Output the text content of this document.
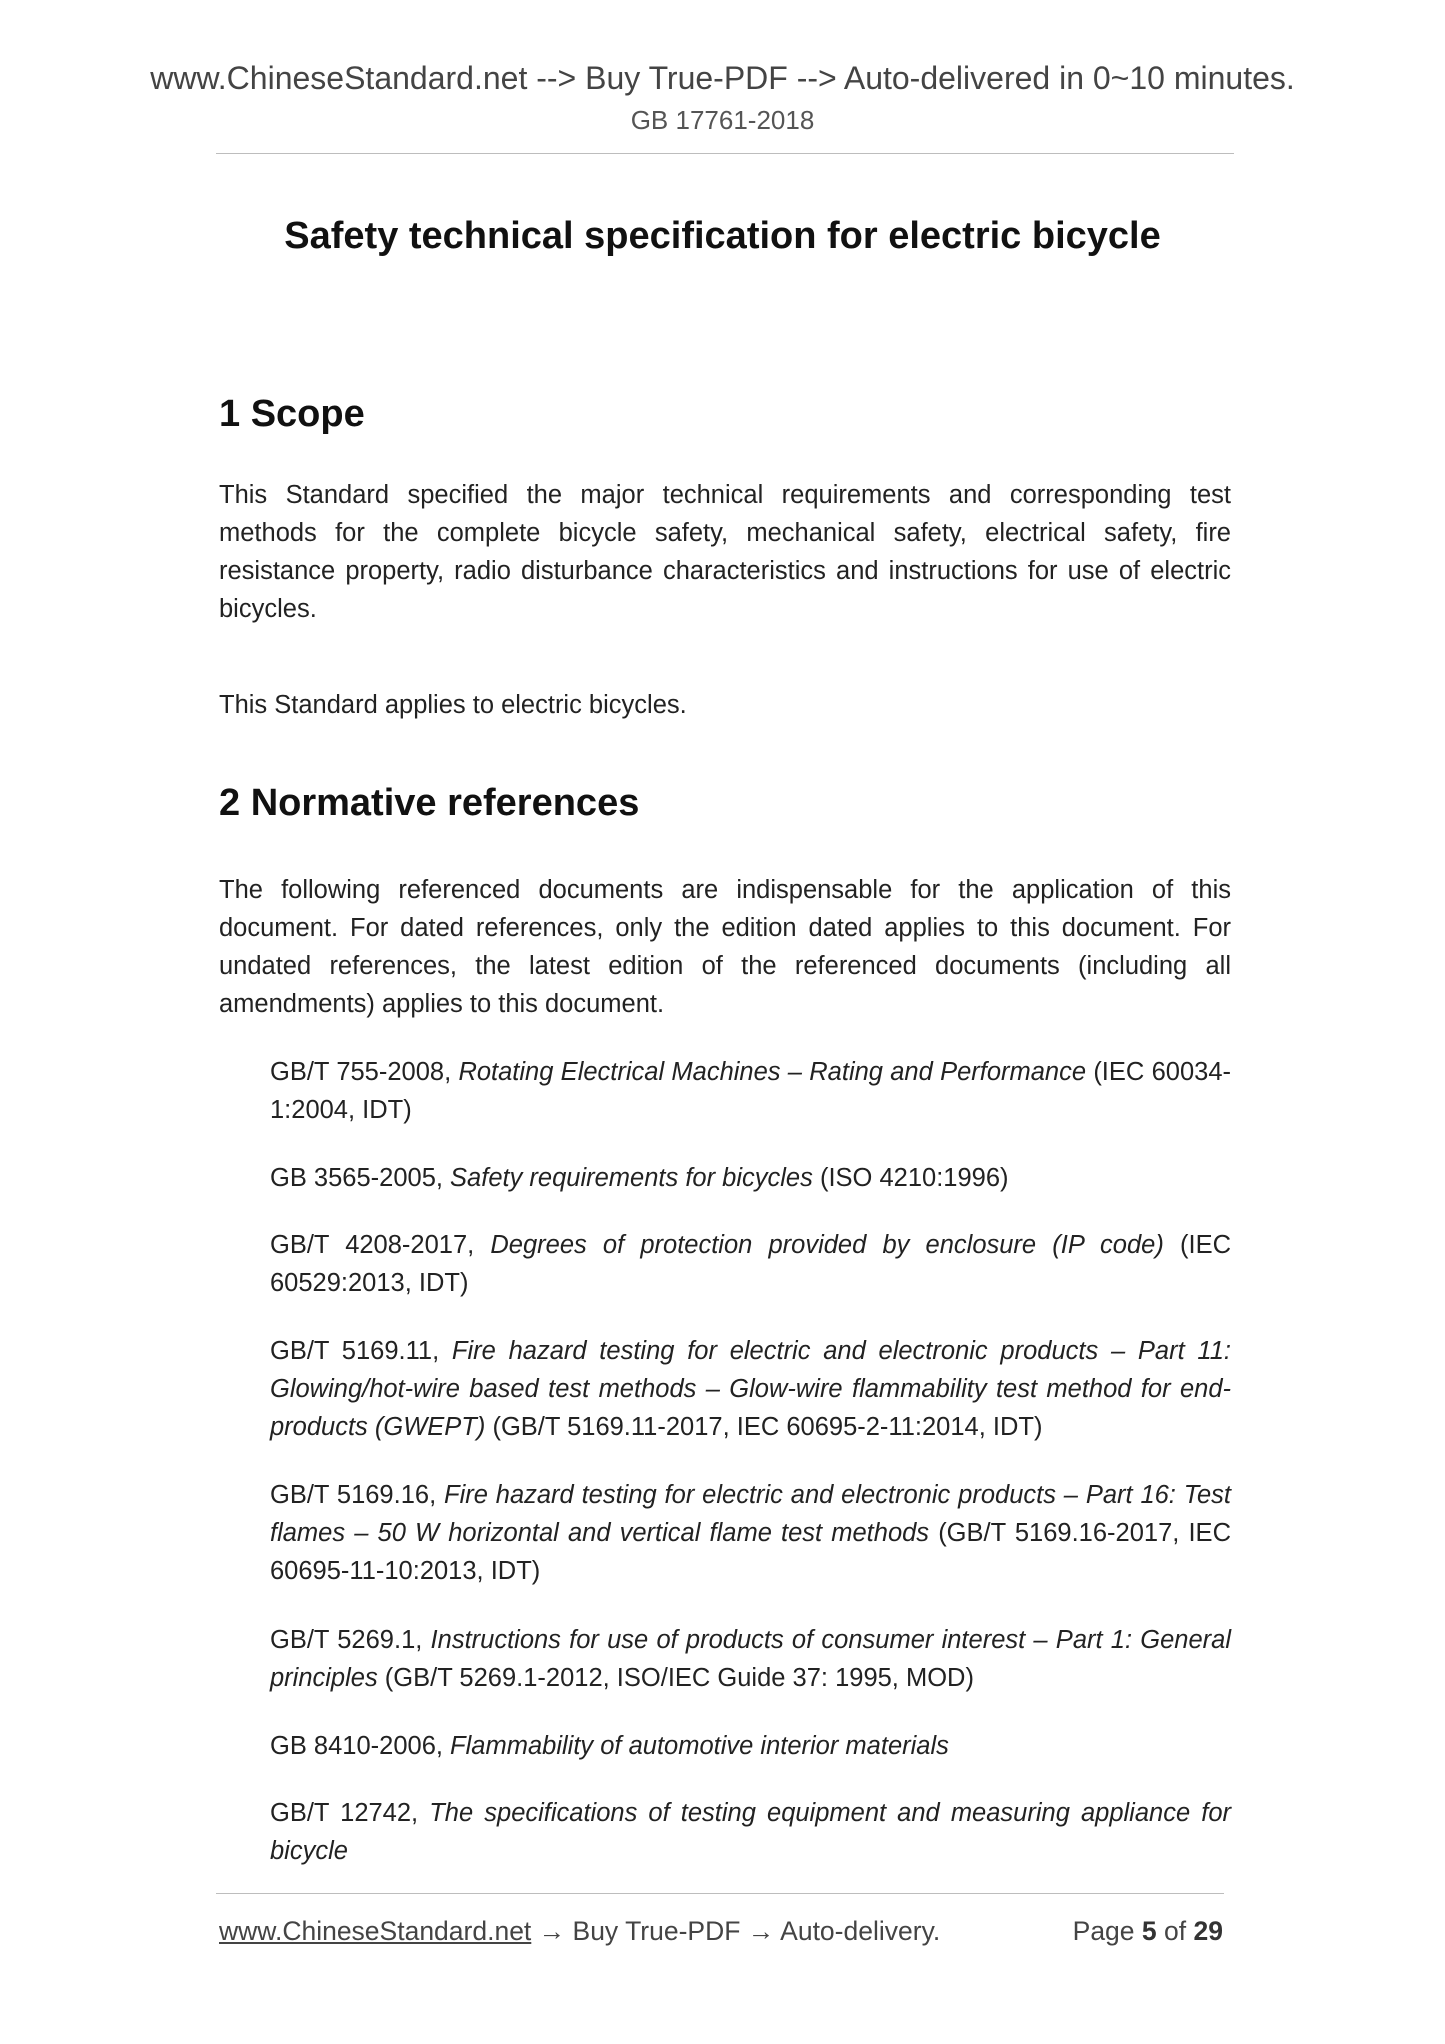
www.ChineseStandard.net --> Buy True-PDF --> Auto-delivered in 0~10 minutes.
GB 17761-2018
Safety technical specification for electric bicycle
1 Scope
This Standard specified the major technical requirements and corresponding test methods for the complete bicycle safety, mechanical safety, electrical safety, fire resistance property, radio disturbance characteristics and instructions for use of electric bicycles.
This Standard applies to electric bicycles.
2 Normative references
The following referenced documents are indispensable for the application of this document. For dated references, only the edition dated applies to this document. For undated references, the latest edition of the referenced documents (including all amendments) applies to this document.
GB/T 755-2008, Rotating Electrical Machines – Rating and Performance (IEC 60034-1:2004, IDT)
GB 3565-2005, Safety requirements for bicycles (ISO 4210:1996)
GB/T 4208-2017, Degrees of protection provided by enclosure (IP code) (IEC 60529:2013, IDT)
GB/T 5169.11, Fire hazard testing for electric and electronic products – Part 11: Glowing/hot-wire based test methods – Glow-wire flammability test method for end-products (GWEPT) (GB/T 5169.11-2017, IEC 60695-2-11:2014, IDT)
GB/T 5169.16, Fire hazard testing for electric and electronic products – Part 16: Test flames – 50 W horizontal and vertical flame test methods (GB/T 5169.16-2017, IEC 60695-11-10:2013, IDT)
GB/T 5269.1, Instructions for use of products of consumer interest – Part 1: General principles (GB/T 5269.1-2012, ISO/IEC Guide 37: 1995, MOD)
GB 8410-2006, Flammability of automotive interior materials
GB/T 12742, The specifications of testing equipment and measuring appliance for bicycle
www.ChineseStandard.net → Buy True-PDF → Auto-delivery.	Page 5 of 29
